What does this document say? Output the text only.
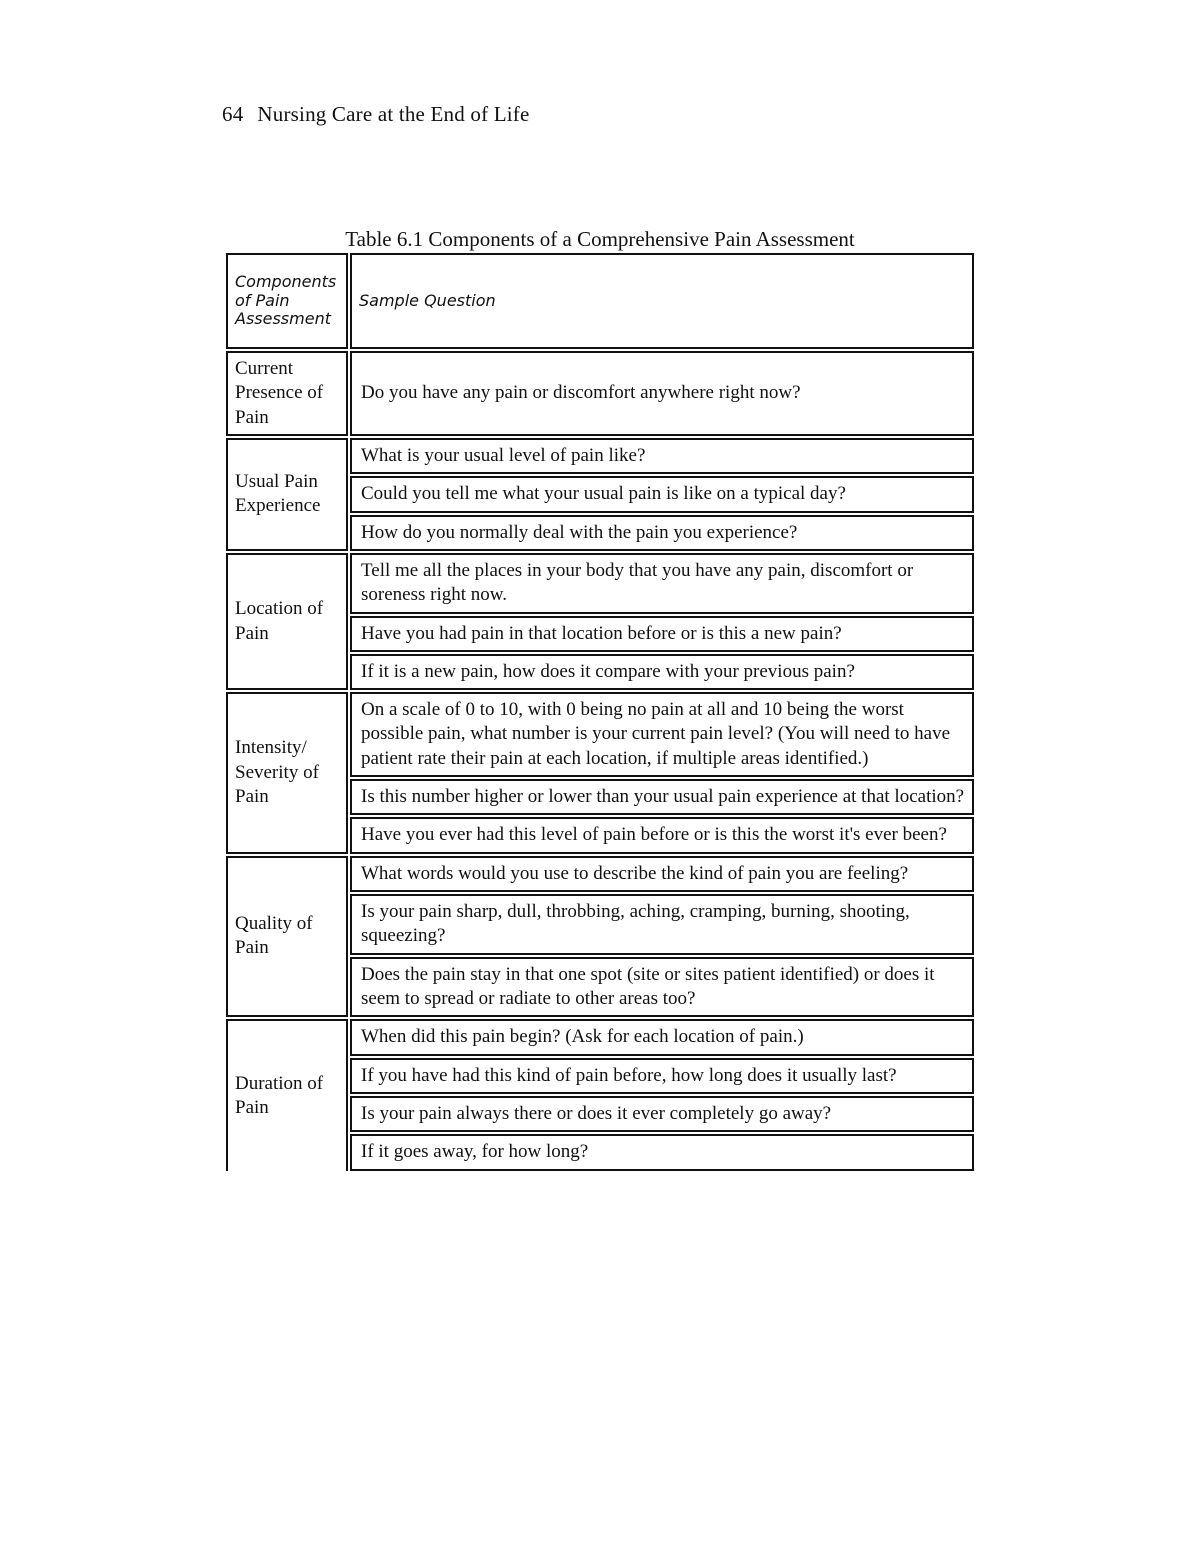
64 Nursing Care at the End of Life
Table 6.1 Components of a Comprehensive Pain Assessment
Components of Pain Assessment	Sample Question
Current Presence of Pain	Do you have any pain or discomfort anywhere right now?
Usual Pain Experience	What is your usual level of pain like?
	Could you tell me what your usual pain is like on a typical day?
	How do you normally deal with the pain you experience?
Location of Pain	Tell me all the places in your body that you have any pain, discomfort or soreness right now.
	Have you had pain in that location before or is this a new pain?
	If it is a new pain, how does it compare with your previous pain?
Intensity/ Severity of Pain	On a scale of 0 to 10, with 0 being no pain at all and 10 being the worst possible pain, what number is your current pain level? (You will need to have patient rate their pain at each location, if multiple areas identified.)
	Is this number higher or lower than your usual pain experience at that location?
	Have you ever had this level of pain before or is this the worst it's ever been?
Quality of Pain	What words would you use to describe the kind of pain you are feeling?
	Is your pain sharp, dull, throbbing, aching, cramping, burning, shooting, squeezing?
	Does the pain stay in that one spot (site or sites patient identified) or does it seem to spread or radiate to other areas too?
Duration of Pain	When did this pain begin? (Ask for each location of pain.)
	If you have had this kind of pain before, how long does it usually last?
	Is your pain always there or does it ever completely go away?
	If it goes away, for how long?
